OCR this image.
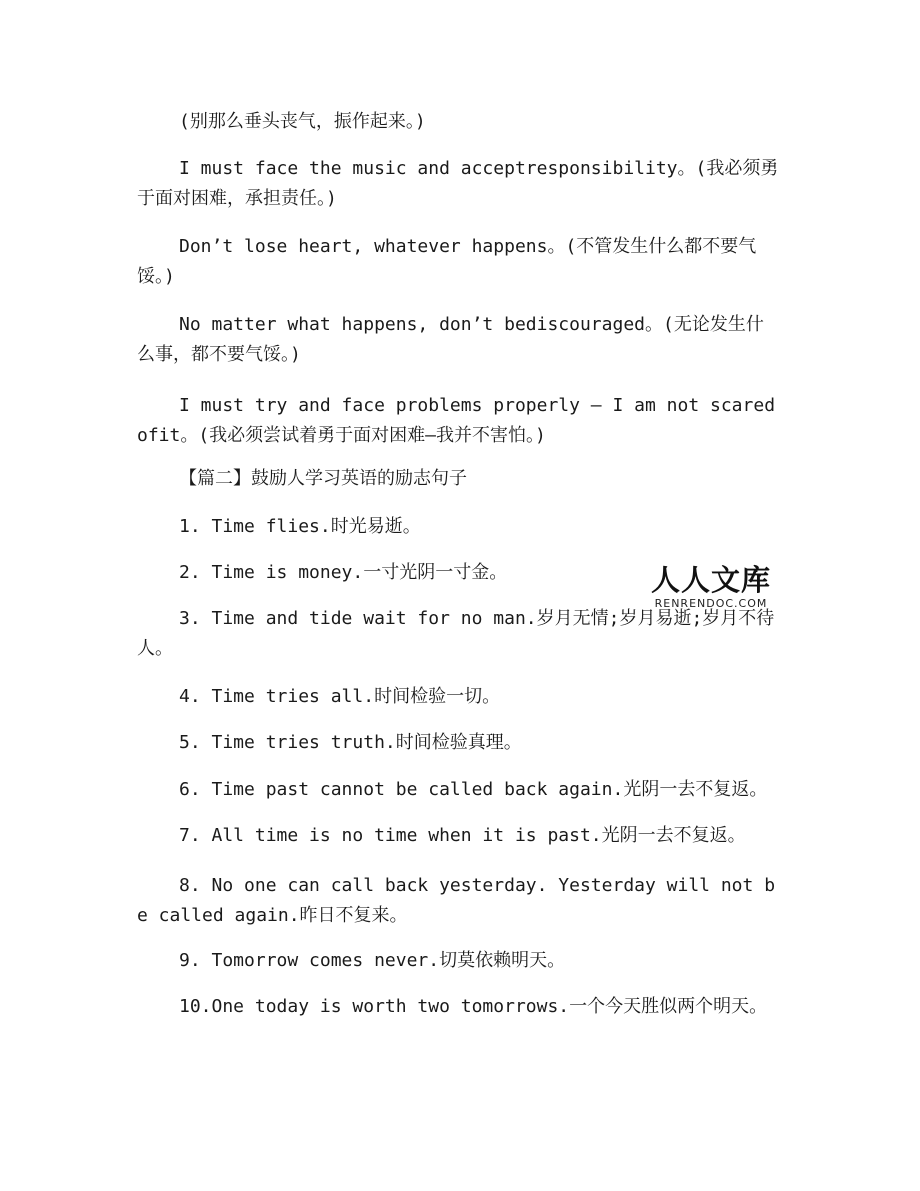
(别那么垂头丧气，振作起来。)

I must face the music and acceptresponsibility。(我必须勇于面对困难，承担责任。)

Don’t lose heart, whatever happens。(不管发生什么都不要气馁。)

No matter what happens, don’t bediscouraged。(无论发生什么事，都不要气馁。)

I must try and face problems properly – I am not scared ofit。(我必须尝试着勇于面对困难—我并不害怕。)

【篇二】鼓励人学习英语的励志句子

1. Time flies.时光易逝。

2. Time is money.一寸光阴一寸金。

3. Time and tide wait for no man.岁月无情;岁月易逝;岁月不待人。

4. Time tries all.时间检验一切。

5. Time tries truth.时间检验真理。

6. Time past cannot be called back again.光阴一去不复返。

7. All time is no time when it is past.光阴一去不复返。

8. No one can call back yesterday. Yesterday will not be called again.昨日不复来。

9. Tomorrow comes never.切莫依赖明天。

10.One today is worth two tomorrows.一个今天胜似两个明天。

人人文库
RENRENDOC.COM
